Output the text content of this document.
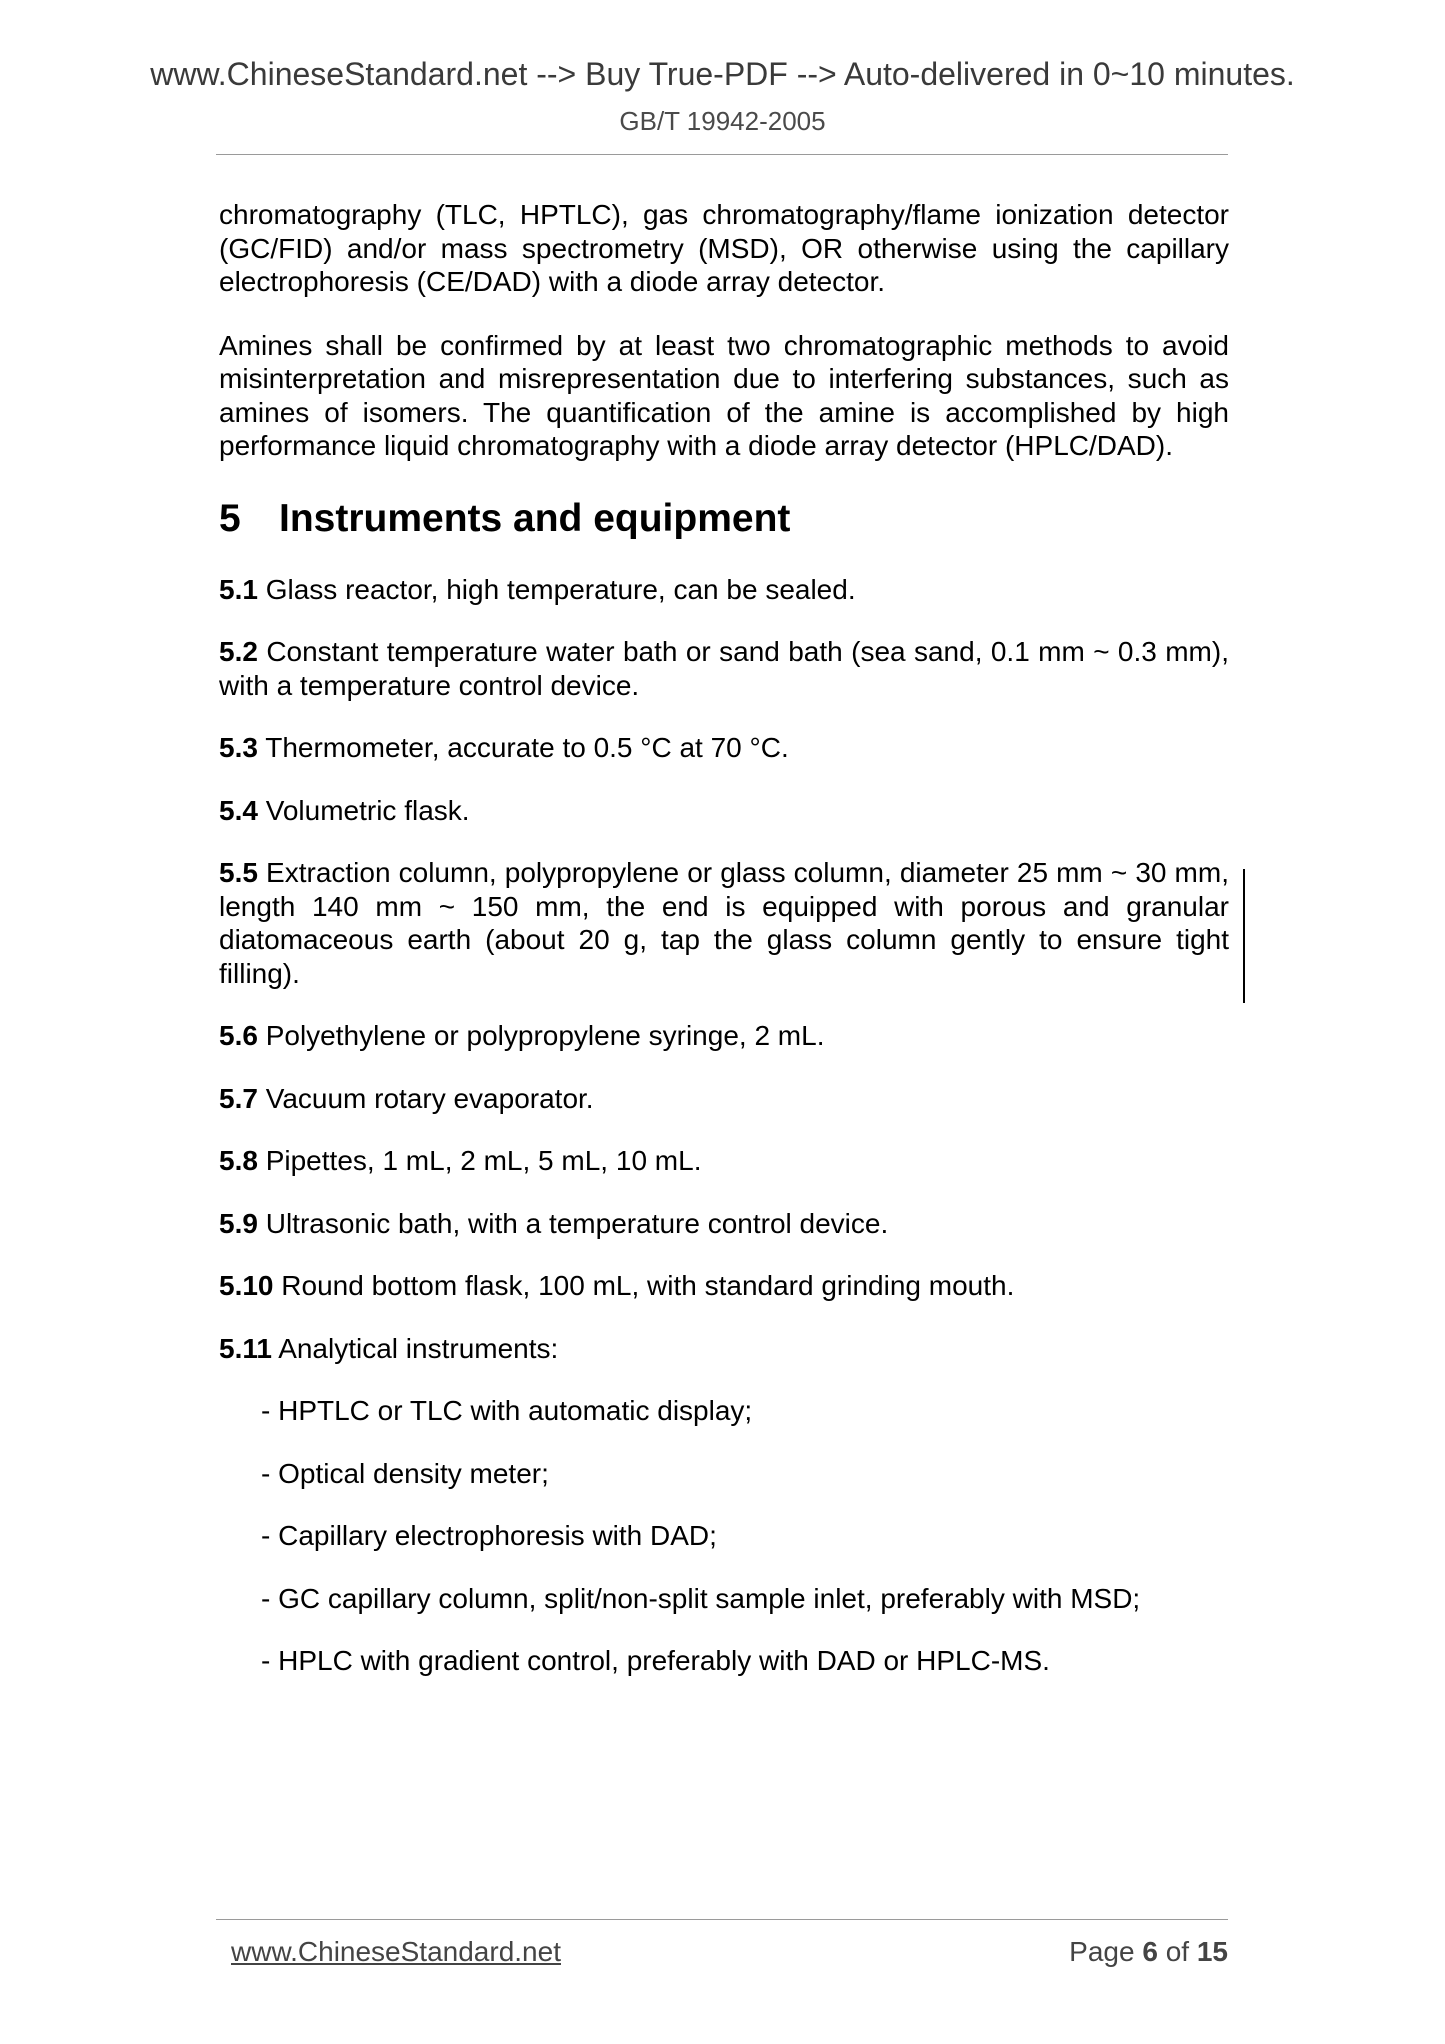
www.ChineseStandard.net --> Buy True-PDF --> Auto-delivered in 0~10 minutes.
GB/T 19942-2005

chromatography (TLC, HPTLC), gas chromatography/flame ionization detector (GC/FID) and/or mass spectrometry (MSD), OR otherwise using the capillary electrophoresis (CE/DAD) with a diode array detector.

Amines shall be confirmed by at least two chromatographic methods to avoid misinterpretation and misrepresentation due to interfering substances, such as amines of isomers. The quantification of the amine is accomplished by high performance liquid chromatography with a diode array detector (HPLC/DAD).

5 Instruments and equipment
5.1 Glass reactor, high temperature, can be sealed.
5.2 Constant temperature water bath or sand bath (sea sand, 0.1 mm ~ 0.3 mm), with a temperature control device.
5.3 Thermometer, accurate to 0.5 °C at 70 °C.
5.4 Volumetric flask.
5.5 Extraction column, polypropylene or glass column, diameter 25 mm ~ 30 mm, length 140 mm ~ 150 mm, the end is equipped with porous and granular diatomaceous earth (about 20 g, tap the glass column gently to ensure tight filling).
5.6 Polyethylene or polypropylene syringe, 2 mL.
5.7 Vacuum rotary evaporator.
5.8 Pipettes, 1 mL, 2 mL, 5 mL, 10 mL.
5.9 Ultrasonic bath, with a temperature control device.
5.10 Round bottom flask, 100 mL, with standard grinding mouth.
5.11 Analytical instruments:
- HPTLC or TLC with automatic display;
- Optical density meter;
- Capillary electrophoresis with DAD;
- GC capillary column, split/non-split sample inlet, preferably with MSD;
- HPLC with gradient control, preferably with DAD or HPLC-MS.
www.ChineseStandard.net	Page 6 of 15
